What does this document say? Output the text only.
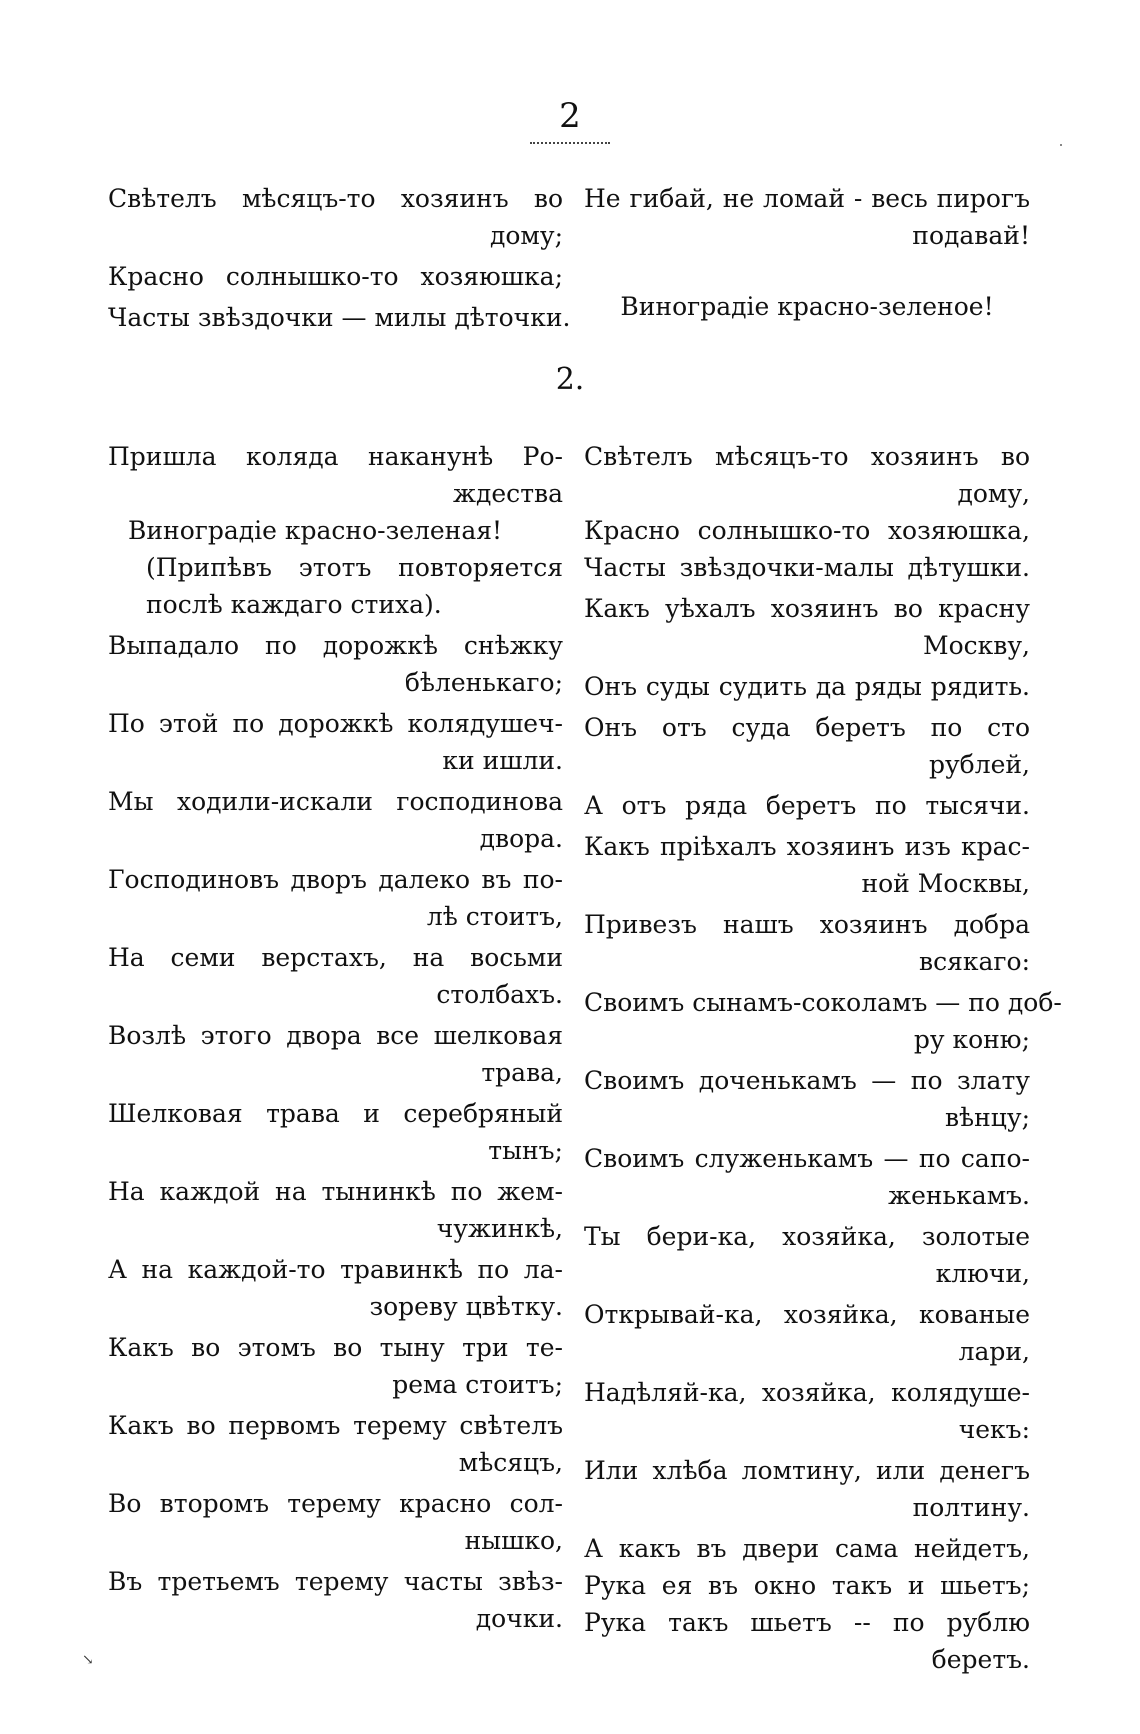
2
Свѣтелъ мѣсяцъ-то хозяинъ во
дому;
Красно солнышко-то хозяюшка;
Часты звѣздочки — милы дѣточки.
Не гибай, не ломай - весь пирогъ
подавай!
Виноградіе красно-зеленое!
2.
Пришла коляда наканунѣ Ро-
ждества
Виноградіе красно-зеленая!
(Припѣвъ этотъ повторяется
послѣ каждаго стиха).
Выпадало по дорожкѣ снѣжку
бѣленькаго;
По этой по дорожкѣ колядушеч-
ки ишли.
Мы ходили-искали господинова
двора.
Господиновъ дворъ далеко въ по-
лѣ стоитъ,
На семи верстахъ, на восьми
столбахъ.
Возлѣ этого двора все шелковая
трава,
Шелковая трава и серебряный
тынъ;
На каждой на тынинкѣ по жем-
чужинкѣ,
А на каждой-то травинкѣ по ла-
зореву цвѣтку.
Какъ во этомъ во тыну три те-
рема стоитъ;
Какъ во первомъ терему свѣтелъ
мѣсяцъ,
Во второмъ терему красно сол-
нышко,
Въ третьемъ терему часты звѣз-
дочки.
Свѣтелъ мѣсяцъ-то хозяинъ во
дому,
Красно солнышко-то хозяюшка,
Часты звѣздочки-малы дѣтушки.
Какъ уѣхалъ хозяинъ во красну
Москву,
Онъ суды судить да ряды рядить.
Онъ отъ суда беретъ по сто
рублей,
А отъ ряда беретъ по тысячи.
Какъ пріѣхалъ хозяинъ изъ крас-
ной Москвы,
Привезъ нашъ хозяинъ добра
всякаго:
Своимъ сынамъ-соколамъ — по доб-
ру коню;
Своимъ доченькамъ — по злату
вѣнцу;
Своимъ служенькамъ — по сапо-
женькамъ.
Ты бери-ка, хозяйка, золотые
ключи,
Открывай-ка, хозяйка, кованые
лари,
Надѣляй-ка, хозяйка, колядуше-
чекъ:
Или хлѣба ломтину, или денегъ
полтину.
А какъ въ двери сама нейдетъ,
Рука ея въ окно такъ и шьетъ;
Рука такъ шьетъ -- по рублю
беретъ.
↘
